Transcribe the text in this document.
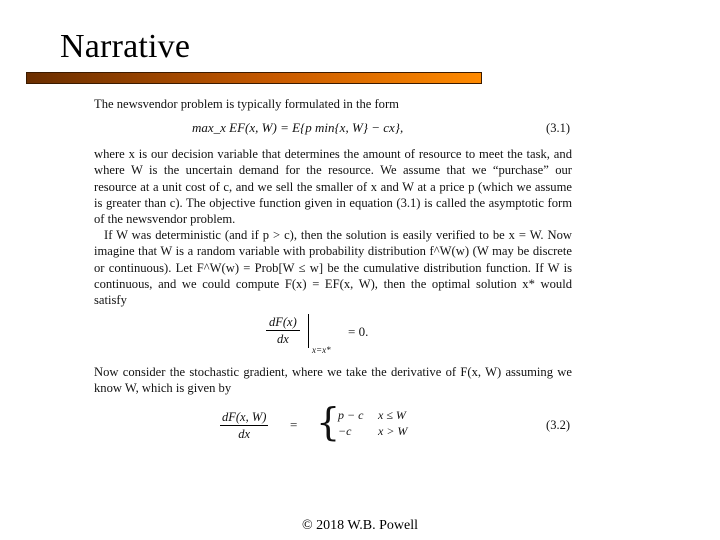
Narrative

The newsvendor problem is typically formulated in the form

max_x EF(x, W) = E{p min{x, W} − cx},	(3.1)

where x is our decision variable that determines the amount of resource to meet the task, and where W is the uncertain demand for the resource. We assume that we “purchase” our resource at a unit cost of c, and we sell the smaller of x and W at a price p (which we assume is greater than c). The objective function given in equation (3.1) is called the asymptotic form of the newsvendor problem.

If W was deterministic (and if p > c), then the solution is easily verified to be x = W. Now imagine that W is a random variable with probability distribution f^W(w) (W may be discrete or continuous). Let F^W(w) = Prob[W ≤ w] be the cumulative distribution function. If W is continuous, and we could compute F(x) = EF(x, W), then the optimal solution x* would satisfy

$\frac{dF(x)}{dx}$
x=x*
= 0.

Now consider the stochastic gradient, where we take the derivative of F(x, W) assuming we know W, which is given by

$\frac{dF(x, W)}{dx}$ = {
p − c	x ≤ W
−c	x > W	(3.2)
© 2018 W.B. Powell
